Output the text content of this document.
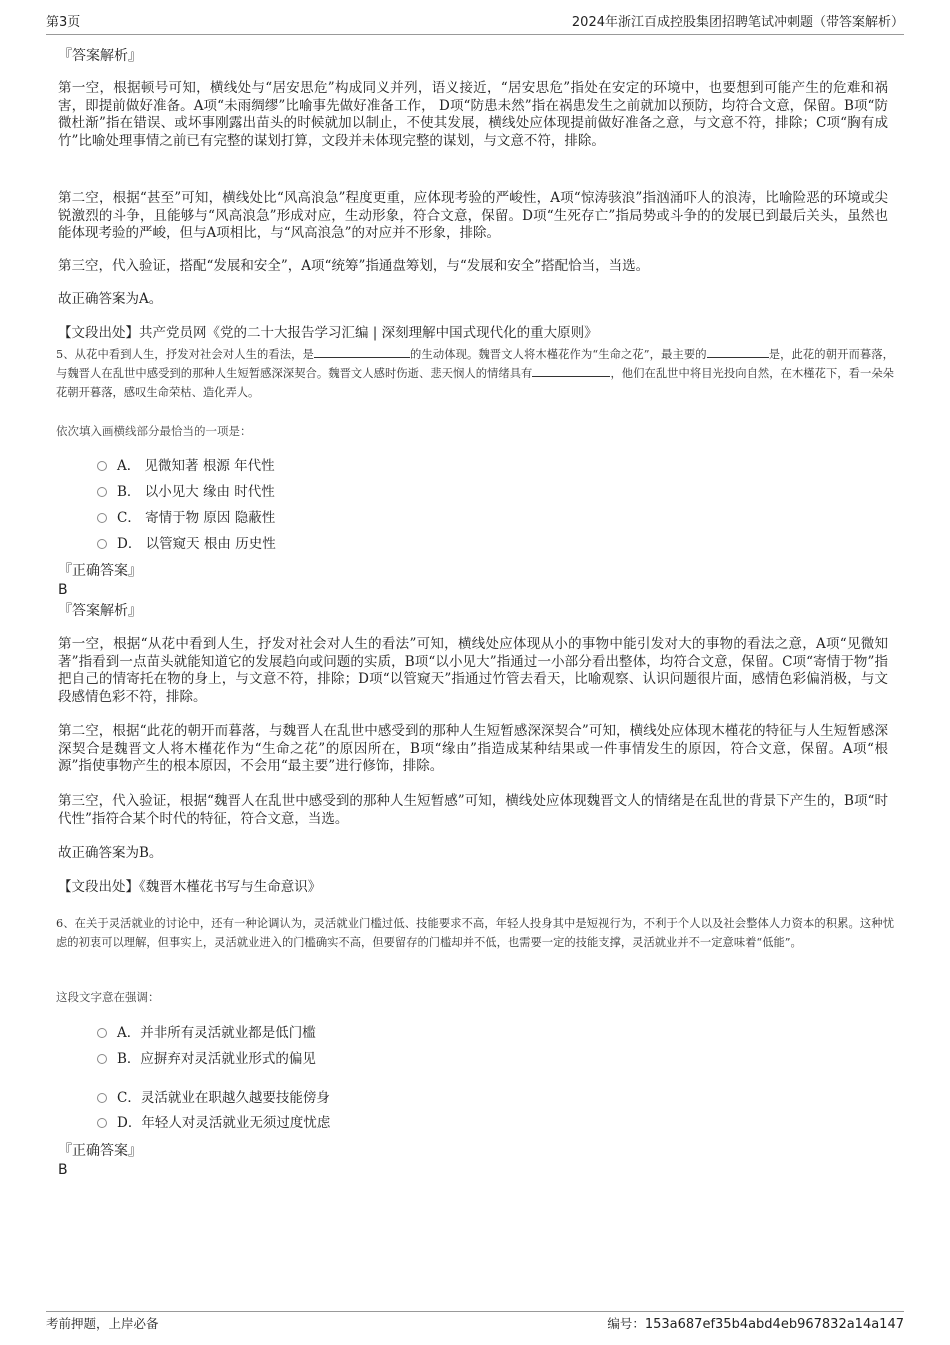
第3页	2024年浙江百成控股集团招聘笔试冲刺题（带答案解析）
『答案解析』

第一空，根据顿号可知，横线处与“居安思危”构成同义并列，语义接近，“居安思危”指处在安定的环境中，也要想到可能产生的危难和祸害，即提前做好准备。A项“未雨绸缪”比喻事先做好准备工作， D项“防患未然”指在祸患发生之前就加以预防，均符合文意，保留。B项“防微杜渐”指在错误、或坏事刚露出苗头的时候就加以制止，不使其发展，横线处应体现提前做好准备之意，与文意不符，排除；C项“胸有成竹”比喻处理事情之前已有完整的谋划打算，文段并未体现完整的谋划，与文意不符，排除。

第二空，根据“甚至”可知，横线处比“风高浪急”程度更重，应体现考验的严峻性，A项“惊涛骇浪”指汹涌吓人的浪涛，比喻险恶的环境或尖锐激烈的斗争，且能够与“风高浪急”形成对应，生动形象，符合文意，保留。D项“生死存亡”指局势或斗争的的发展已到最后关头，虽然也能体现考验的严峻，但与A项相比，与“风高浪急”的对应并不形象，排除。

第三空，代入验证，搭配“发展和安全”，A项“统筹”指通盘筹划，与“发展和安全”搭配恰当，当选。

故正确答案为A。

【文段出处】共产党员网《党的二十大报告学习汇编 | 深刻理解中国式现代化的重大原则》

5、从花中看到人生，抒发对社会对人生的看法，是	的生动体现。魏晋文人将木槿花作为“生命之花”，最主要的	是，此花的朝开而暮落，与魏晋人在乱世中感受到的那种人生短暂感深深契合。魏晋文人感时伤逝、悲天悯人的情绪具有	，他们在乱世中将目光投向自然，在木槿花下，看一朵朵花朝开暮落，感叹生命荣枯、造化弄人。

依次填入画横线部分最恰当的一项是：
A． 见微知著 根源 年代性
B． 以小见大 缘由 时代性
C． 寄情于物 原因 隐蔽性
D． 以管窥天 根由 历史性
『正确答案』
B
『答案解析』

第一空，根据“从花中看到人生，抒发对社会对人生的看法”可知，横线处应体现从小的事物中能引发对大的事物的看法之意，A项“见微知著”指看到一点苗头就能知道它的发展趋向或问题的实质，B项“以小见大”指通过一小部分看出整体，均符合文意，保留。C项“寄情于物”指把自己的情寄托在物的身上，与文意不符，排除；D项“以管窥天”指通过竹管去看天，比喻观察、认识问题很片面，感情色彩偏消极，与文段感情色彩不符，排除。

第二空，根据“此花的朝开而暮落，与魏晋人在乱世中感受到的那种人生短暂感深深契合”可知，横线处应体现木槿花的特征与人生短暂感深深契合是魏晋文人将木槿花作为“生命之花”的原因所在，B项“缘由”指造成某种结果或一件事情发生的原因，符合文意，保留。A项“根源”指使事物产生的根本原因，不会用“最主要”进行修饰，排除。

第三空，代入验证，根据“魏晋人在乱世中感受到的那种人生短暂感”可知，横线处应体现魏晋文人的情绪是在乱世的背景下产生的，B项“时代性”指符合某个时代的特征，符合文意，当选。

故正确答案为B。

【文段出处】《魏晋木槿花书写与生命意识》

6、在关于灵活就业的讨论中，还有一种论调认为，灵活就业门槛过低、技能要求不高，年轻人投身其中是短视行为，不利于个人以及社会整体人力资本的积累。这种忧虑的初衷可以理解，但事实上，灵活就业进入的门槛确实不高，但要留存的门槛却并不低，也需要一定的技能支撑，灵活就业并不一定意味着“低能”。

这段文字意在强调：
A．并非所有灵活就业都是低门槛
B．应摒弃对灵活就业形式的偏见
C．灵活就业在职越久越要技能傍身
D．年轻人对灵活就业无须过度忧虑
『正确答案』
B
考前押题，上岸必备	编号：153a687ef35b4abd4eb967832a14a147
